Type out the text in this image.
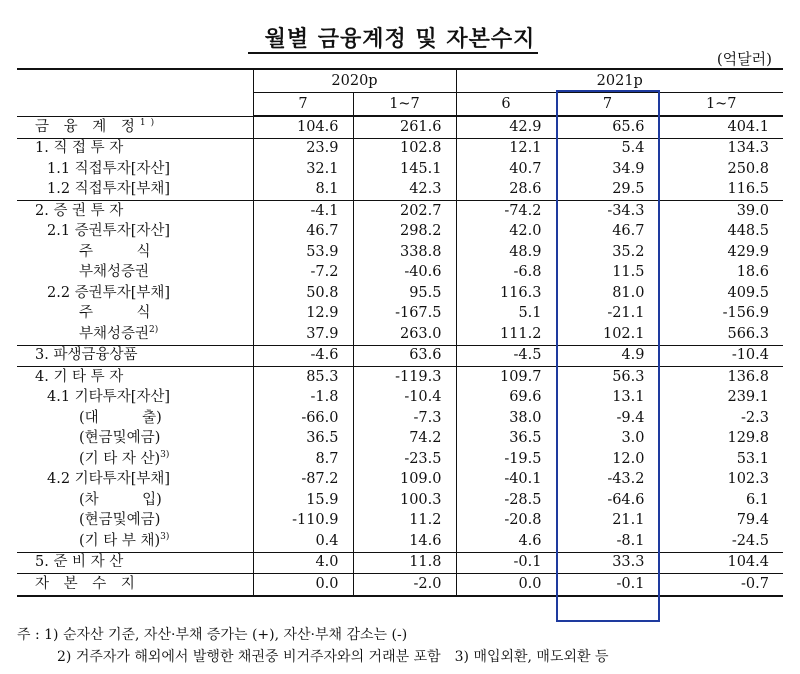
월별 금융계정 및 자본수지
(억달러)
	2020p		2021p		
	7	1~7	6	7	1~7
금 융 계 정$^{1)}$	104.6	261.6	42.9	65.6	404.1
1. 직 접 투 자	23.9	102.8	12.1	5.4	134.3
1.1 직접투자[자산]	32.1	145.1	40.7	34.9	250.8
1.2 직접투자[부채]	8.1	42.3	28.6	29.5	116.5
2. 증 권 투 자	-4.1	202.7	-74.2	-34.3	39.0
2.1 증권투자[자산]	46.7	298.2	42.0	46.7	448.5
주　　　식	53.9	338.8	48.9	35.2	429.9
부채성증권	-7.2	-40.6	-6.8	11.5	18.6
2.2 증권투자[부채]	50.8	95.5	116.3	81.0	409.5
주　　　식	12.9	-167.5	5.1	-21.1	-156.9
부채성증권$^{2)}$	37.9	263.0	111.2	102.1	566.3
3. 파생금융상품	-4.6	63.6	-4.5	4.9	-10.4
4. 기 타 투 자	85.3	-119.3	109.7	56.3	136.8
4.1 기타투자[자산]	-1.8	-10.4	69.6	13.1	239.1
(대　　　출)	-66.0	-7.3	38.0	-9.4	-2.3
(현금및예금)	36.5	74.2	36.5	3.0	129.8
(기 타 자 산)$^{3)}$	8.7	-23.5	-19.5	12.0	53.1
4.2 기타투자[부채]	-87.2	109.0	-40.1	-43.2	102.3
(차　　　입)	15.9	100.3	-28.5	-64.6	6.1
(현금및예금)	-110.9	11.2	-20.8	21.1	79.4
(기 타 부 채)$^{3)}$	0.4	14.6	4.6	-8.1	-24.5
5. 준 비 자 산	4.0	11.8	-0.1	33.3	104.4
자 본 수 지	0.0	-2.0	0.0	-0.1	-0.7
주 : 1) 순자산 기준, 자산·부채 증가는 (+), 자산·부채 감소는 (-)
2) 거주자가 해외에서 발행한 채권중 비거주자와의 거래분 포함　3) 매입외환, 매도외환 등
